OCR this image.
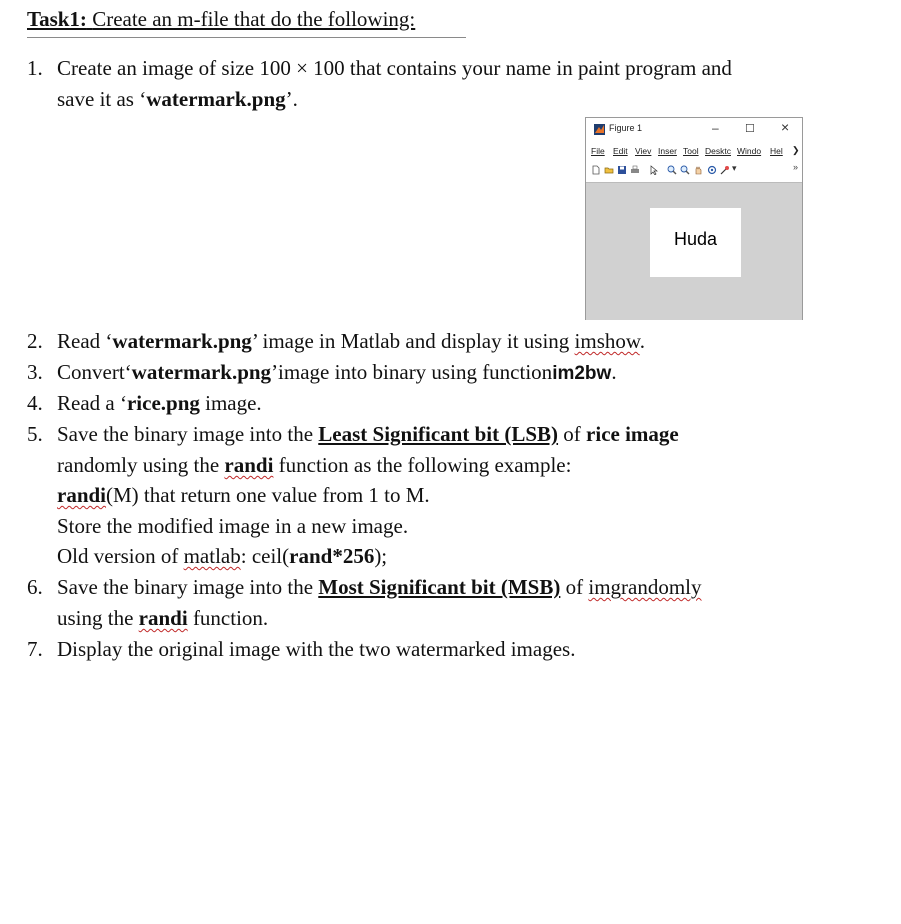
Task1: Create an m-file that do the following:
1. Create an image of size 100 × 100 that contains your name in paint program and
save it as ‘watermark.png’.
Figure 1	– ☐ ×
File Edit Viev Inser Tool Desktc Windo Hel ❯
▾	»
Huda
2. Read ‘watermark.png’ image in Matlab and display it using imshow.
3. Convert‘watermark.png’image into binary using functionim2bw.
4. Read a ‘rice.png image.
5. Save the binary image into the Least Significant bit (LSB) of rice image
randomly using the randi function as the following example:
randi(M) that return one value from 1 to M.
Store the modified image in a new image.
Old version of matlab: ceil(rand*256);
6. Save the binary image into the Most Significant bit (MSB) of imgrandomly
using the randi function.
7. Display the original image with the two watermarked images.
